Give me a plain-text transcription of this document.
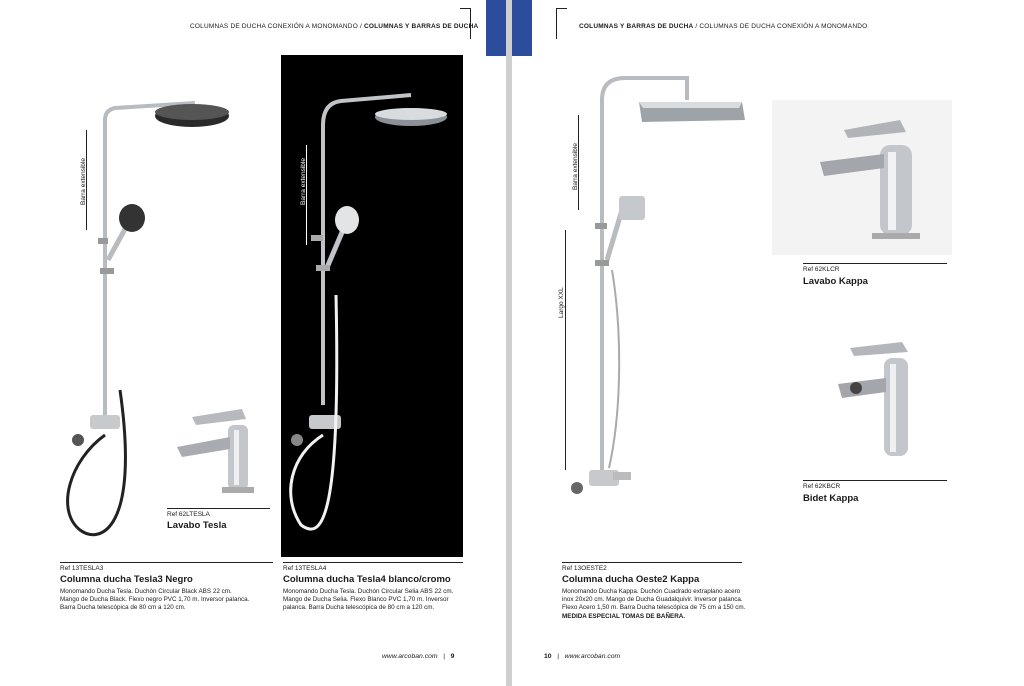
COLUMNAS DE DUCHA CONEXIÓN A MONOMANDO / COLUMNAS Y BARRAS DE DUCHA
Barra extensible
Ref 62LTESLA
Lavabo Tesla
Barra extensible
Ref 13TESLA3
Columna ducha Tesla3 Negro
Monomando Ducha Tesla. Duchón Circular Black ABS 22 cm. Mango de Ducha Black. Flexo negro PVC 1,70 m. Inversor palanca. Barra Ducha telescópica de 80 cm a 120 cm.
Ref 13TESLA4
Columna ducha Tesla4 blanco/cromo
Monomando Ducha Tesla. Duchón Circular Selia ABS 22 cm. Mango de Ducha Selia. Flexo Blanco PVC 1,70 m. Inversor palanca. Barra Ducha telescópica de 80 cm a 120 cm.
www.arcoban.com | 9
COLUMNAS Y BARRAS DE DUCHA / COLUMNAS DE DUCHA CONEXIÓN A MONOMANDO
Barra extensible
Largo XXL
Ref 62KLCR
Lavabo Kappa
Ref 62KBCR
Bidet Kappa
Ref 13OESTE2
Columna ducha Oeste2 Kappa
Monomando Ducha Kappa. Duchón Cuadrado extraplano acero inox 20x20 cm. Mango de Ducha Guadalquivir. Inversor palanca. Flexo Acero 1,50 m. Barra Ducha telescópica de 75 cm a 150 cm. MEDIDA ESPECIAL TOMAS DE BAÑERA.
10 | www.arcoban.com
